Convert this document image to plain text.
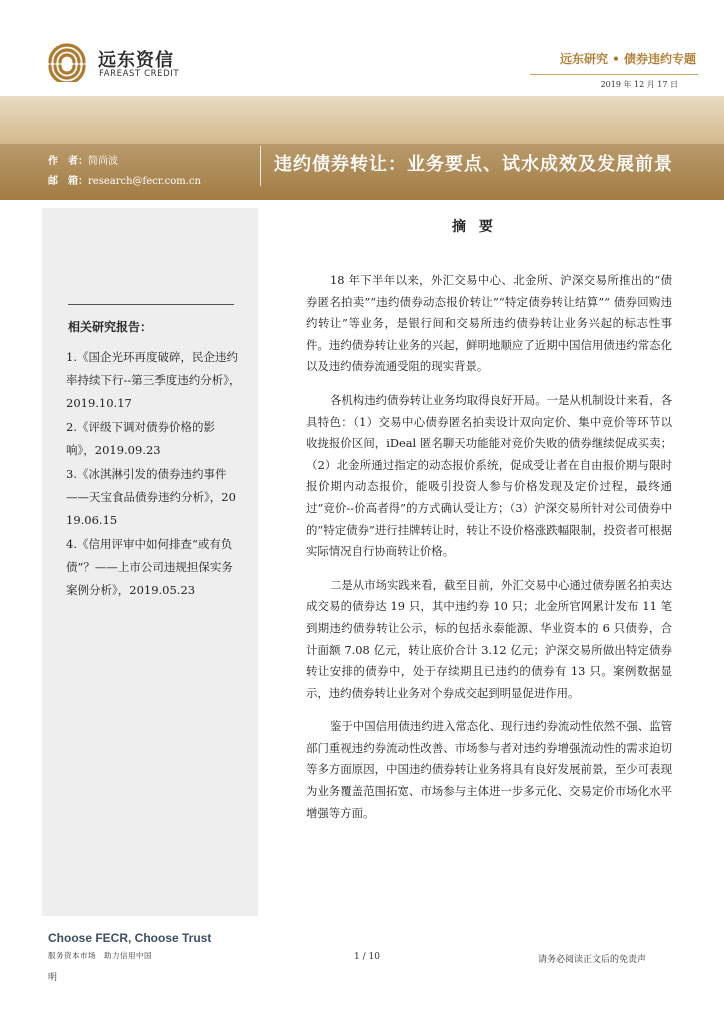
远东资信
FAREAST CREDIT
远东研究 • 债券违约专题
2019 年 12 月 17 日
作　者：简尚波
邮　箱：research@fecr.com.cn
违约债券转让：业务要点、试水成效及发展前景
相关研究报告：
1.《国企光环再度破碎，民企违约率持续下行--第三季度违约分析》，2019.10.17
2.《评级下调对债券价格的影响》，2019.09.23
3.《冰淇淋引发的债券违约事件——天宝食品债券违约分析》，2019.06.15
4.《信用评审中如何排查“或有负债”？——上市公司违规担保实务案例分析》，2019.05.23
摘 要

18 年下半年以来，外汇交易中心、北金所、沪深交易所推出的“债券匿名拍卖”“违约债券动态报价转让”“特定债券转让结算”“ 债券回购违约转让”等业务，是银行间和交易所违约债券转让业务兴起的标志性事件。违约债券转让业务的兴起，鲜明地顺应了近期中国信用债违约常态化以及违约债券流通受阻的现实背景。

各机构违约债券转让业务均取得良好开局。一是从机制设计来看，各具特色：（1）交易中心债券匿名拍卖设计双向定价、集中竞价等环节以收拢报价区间，iDeal 匿名聊天功能能对竞价失败的债券继续促成买卖；（2）北金所通过指定的动态报价系统，促成受让者在自由报价期与限时报价期内动态报价，能吸引投资人参与价格发现及定价过程，最终通过“竞价--价高者得”的方式确认受让方；（3）沪深交易所针对公司债券中的“特定债券”进行挂牌转让时，转让不设价格涨跌幅限制，投资者可根据实际情况自行协商转让价格。

二是从市场实践来看，截至目前，外汇交易中心通过债券匿名拍卖达成交易的债券达 19 只，其中违约券 10 只；北金所官网累计发布 11 笔到期违约债券转让公示，标的包括永泰能源、华业资本的 6 只债券，合计面额 7.08 亿元，转让底价合计 3.12 亿元；沪深交易所做出特定债券转让安排的债券中，处于存续期且已违约的债券有 13 只。案例数据显示，违约债券转让业务对个券成交起到明显促进作用。

鉴于中国信用债违约进入常态化、现行违约券流动性依然不强、监管部门重视违约券流动性改善、市场参与者对违约券增强流动性的需求迫切等多方面原因，中国违约债券转让业务将具有良好发展前景，至少可表现为业务覆盖范围拓宽、市场参与主体进一步多元化、交易定价市场化水平增强等方面。

Choose FECR, Choose Trust
服务资本市场　助力信用中国	1 / 10	请务必阅读正文后的免责声
明
